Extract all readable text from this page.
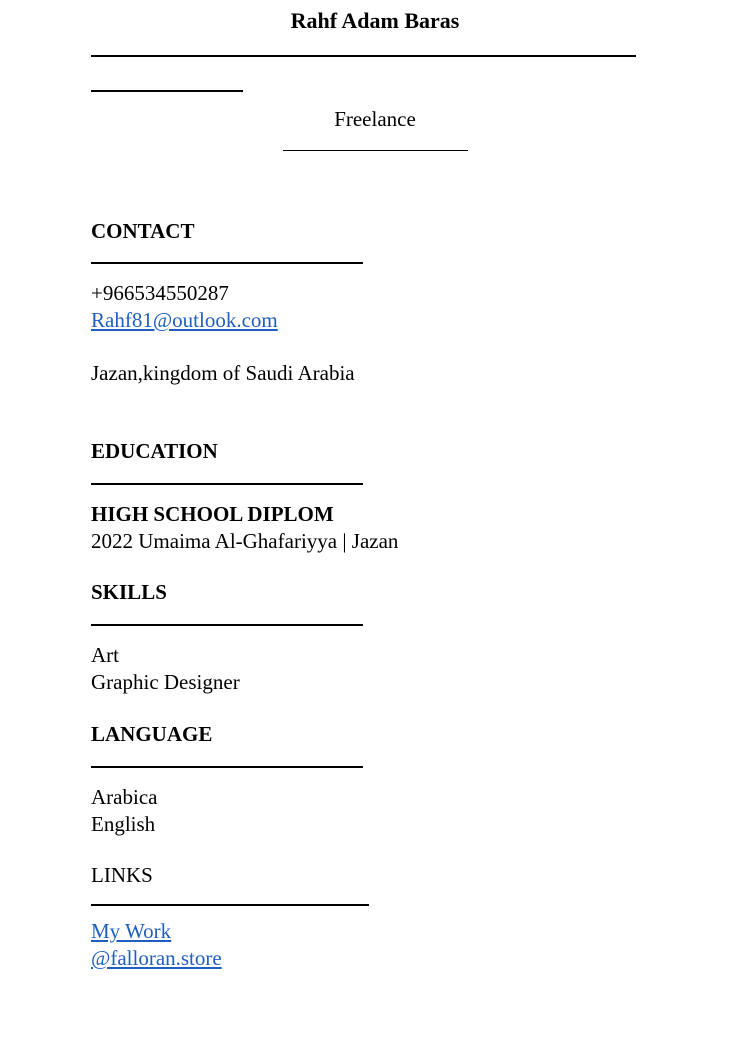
Rahf Adam Baras
Freelance
CONTACT
+966534550287
Rahf81@outlook.com
Jazan,kingdom of Saudi Arabia
EDUCATION
HIGH SCHOOL DIPLOM
2022 Umaima Al-Ghafariyya | Jazan
SKILLS
Art
Graphic Designer
LANGUAGE
Arabica
English
LINKS
My Work
@falloran.store
